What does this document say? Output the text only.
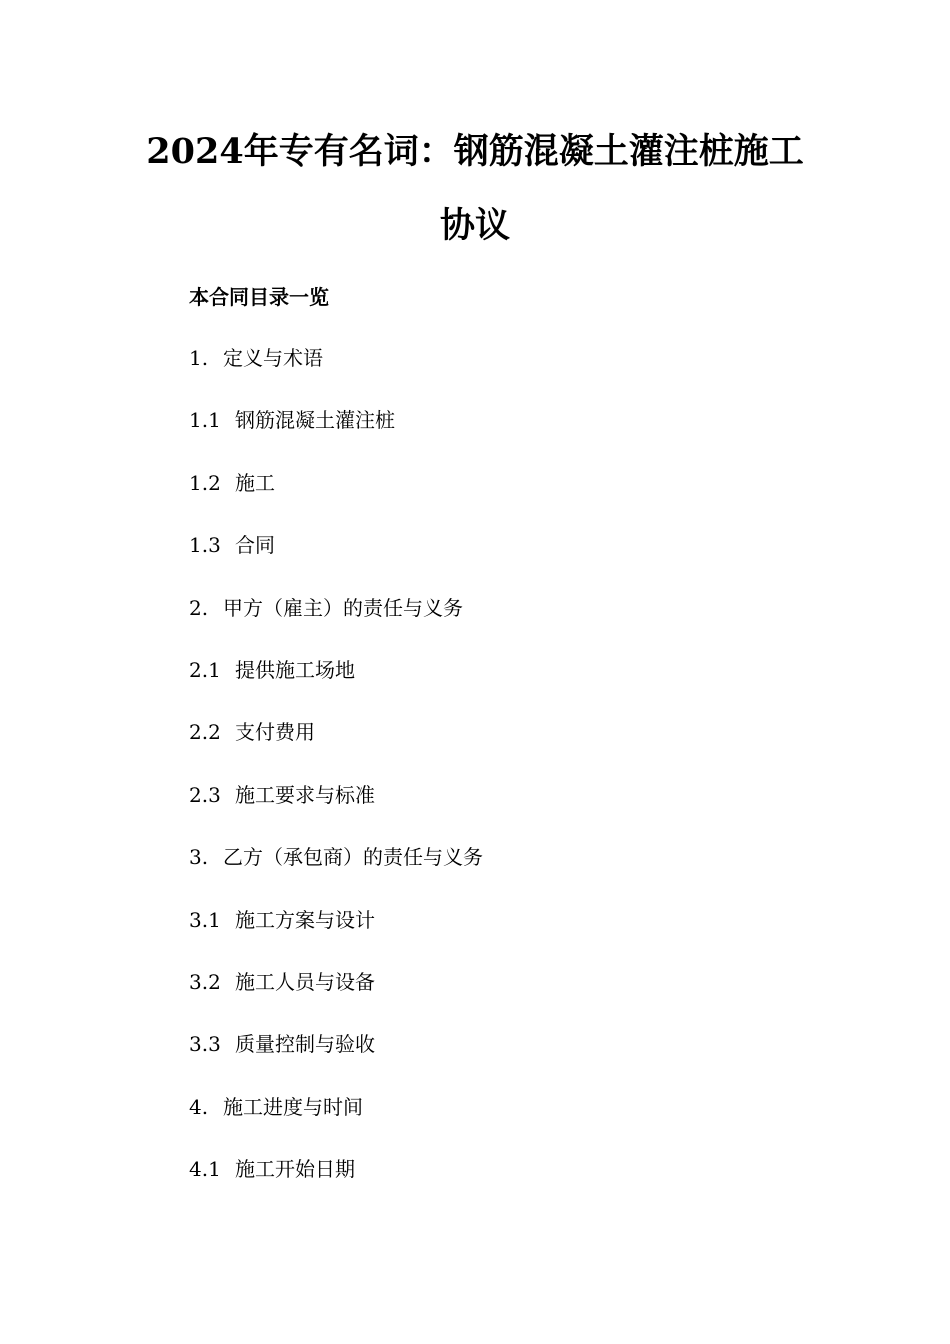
2024年专有名词：钢筋混凝土灌注桩施工
协议
本合同目录一览
1. 定义与术语
1.1 钢筋混凝土灌注桩
1.2 施工
1.3 合同
2. 甲方（雇主）的责任与义务
2.1 提供施工场地
2.2 支付费用
2.3 施工要求与标准
3. 乙方（承包商）的责任与义务
3.1 施工方案与设计
3.2 施工人员与设备
3.3 质量控制与验收
4. 施工进度与时间
4.1 施工开始日期
